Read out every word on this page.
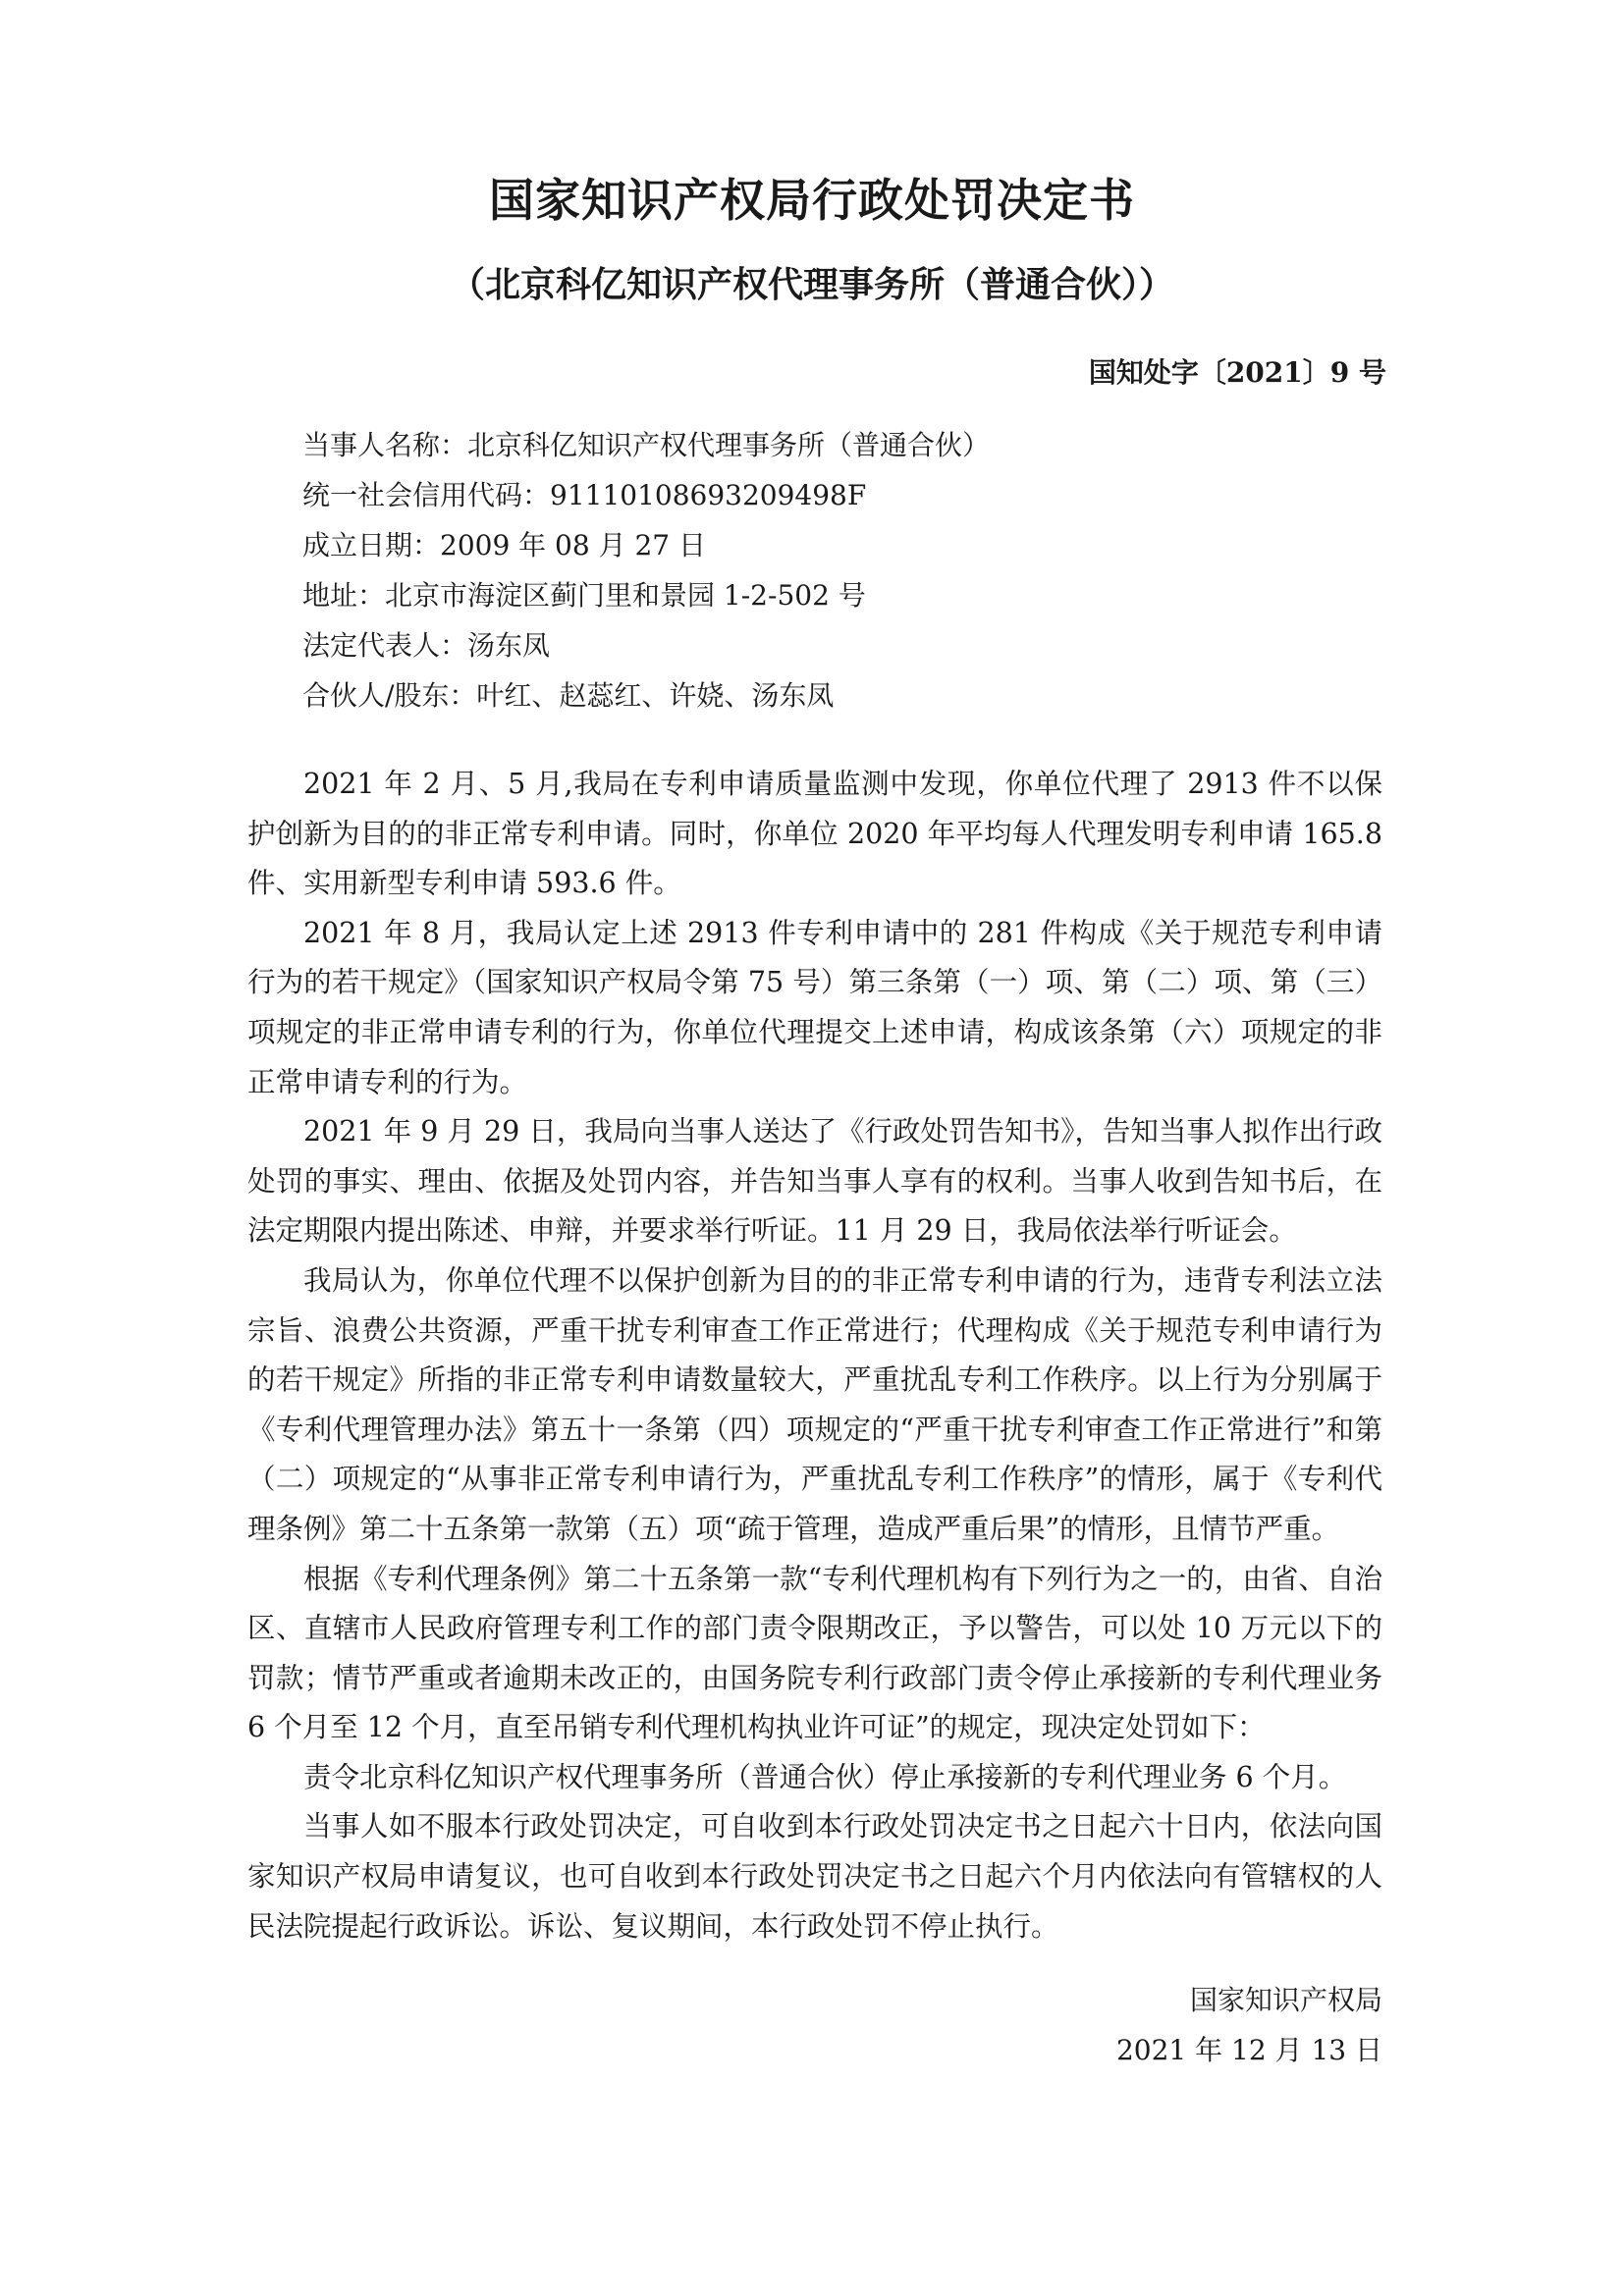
国家知识产权局行政处罚决定书
（北京科亿知识产权代理事务所（普通合伙））
国知处字〔2021〕9 号
当事人名称：北京科亿知识产权代理事务所（普通合伙）
统一社会信用代码：91110108693209498F
成立日期：2009 年 08 月 27 日
地址：北京市海淀区蓟门里和景园 1-2-502 号
法定代表人：汤东凤
合伙人/股东：叶红、赵蕊红、许娆、汤东凤

2021 年 2 月、5 月,我局在专利申请质量监测中发现，你单位代理了 2913 件不以保护创新为目的的非正常专利申请。同时，你单位 2020 年平均每人代理发明专利申请 165.8 件、实用新型专利申请 593.6 件。

2021 年 8 月，我局认定上述 2913 件专利申请中的 281 件构成《关于规范专利申请行为的若干规定》（国家知识产权局令第 75 号）第三条第（一）项、第（二）项、第（三）项规定的非正常申请专利的行为，你单位代理提交上述申请，构成该条第（六）项规定的非正常申请专利的行为。

2021 年 9 月 29 日，我局向当事人送达了《行政处罚告知书》，告知当事人拟作出行政处罚的事实、理由、依据及处罚内容，并告知当事人享有的权利。当事人收到告知书后，在法定期限内提出陈述、申辩，并要求举行听证。11 月 29 日，我局依法举行听证会。

我局认为，你单位代理不以保护创新为目的的非正常专利申请的行为，违背专利法立法宗旨、浪费公共资源，严重干扰专利审查工作正常进行；代理构成《关于规范专利申请行为的若干规定》所指的非正常专利申请数量较大，严重扰乱专利工作秩序。以上行为分别属于《专利代理管理办法》第五十一条第（四）项规定的“严重干扰专利审查工作正常进行”和第（二）项规定的“从事非正常专利申请行为，严重扰乱专利工作秩序”的情形，属于《专利代理条例》第二十五条第一款第（五）项“疏于管理，造成严重后果”的情形，且情节严重。

根据《专利代理条例》第二十五条第一款“专利代理机构有下列行为之一的，由省、自治区、直辖市人民政府管理专利工作的部门责令限期改正，予以警告，可以处 10 万元以下的罚款；情节严重或者逾期未改正的，由国务院专利行政部门责令停止承接新的专利代理业务 6 个月至 12 个月，直至吊销专利代理机构执业许可证”的规定，现决定处罚如下：

责令北京科亿知识产权代理事务所（普通合伙）停止承接新的专利代理业务 6 个月。

当事人如不服本行政处罚决定，可自收到本行政处罚决定书之日起六十日内，依法向国家知识产权局申请复议，也可自收到本行政处罚决定书之日起六个月内依法向有管辖权的人民法院提起行政诉讼。诉讼、复议期间，本行政处罚不停止执行。

国家知识产权局
2021 年 12 月 13 日
